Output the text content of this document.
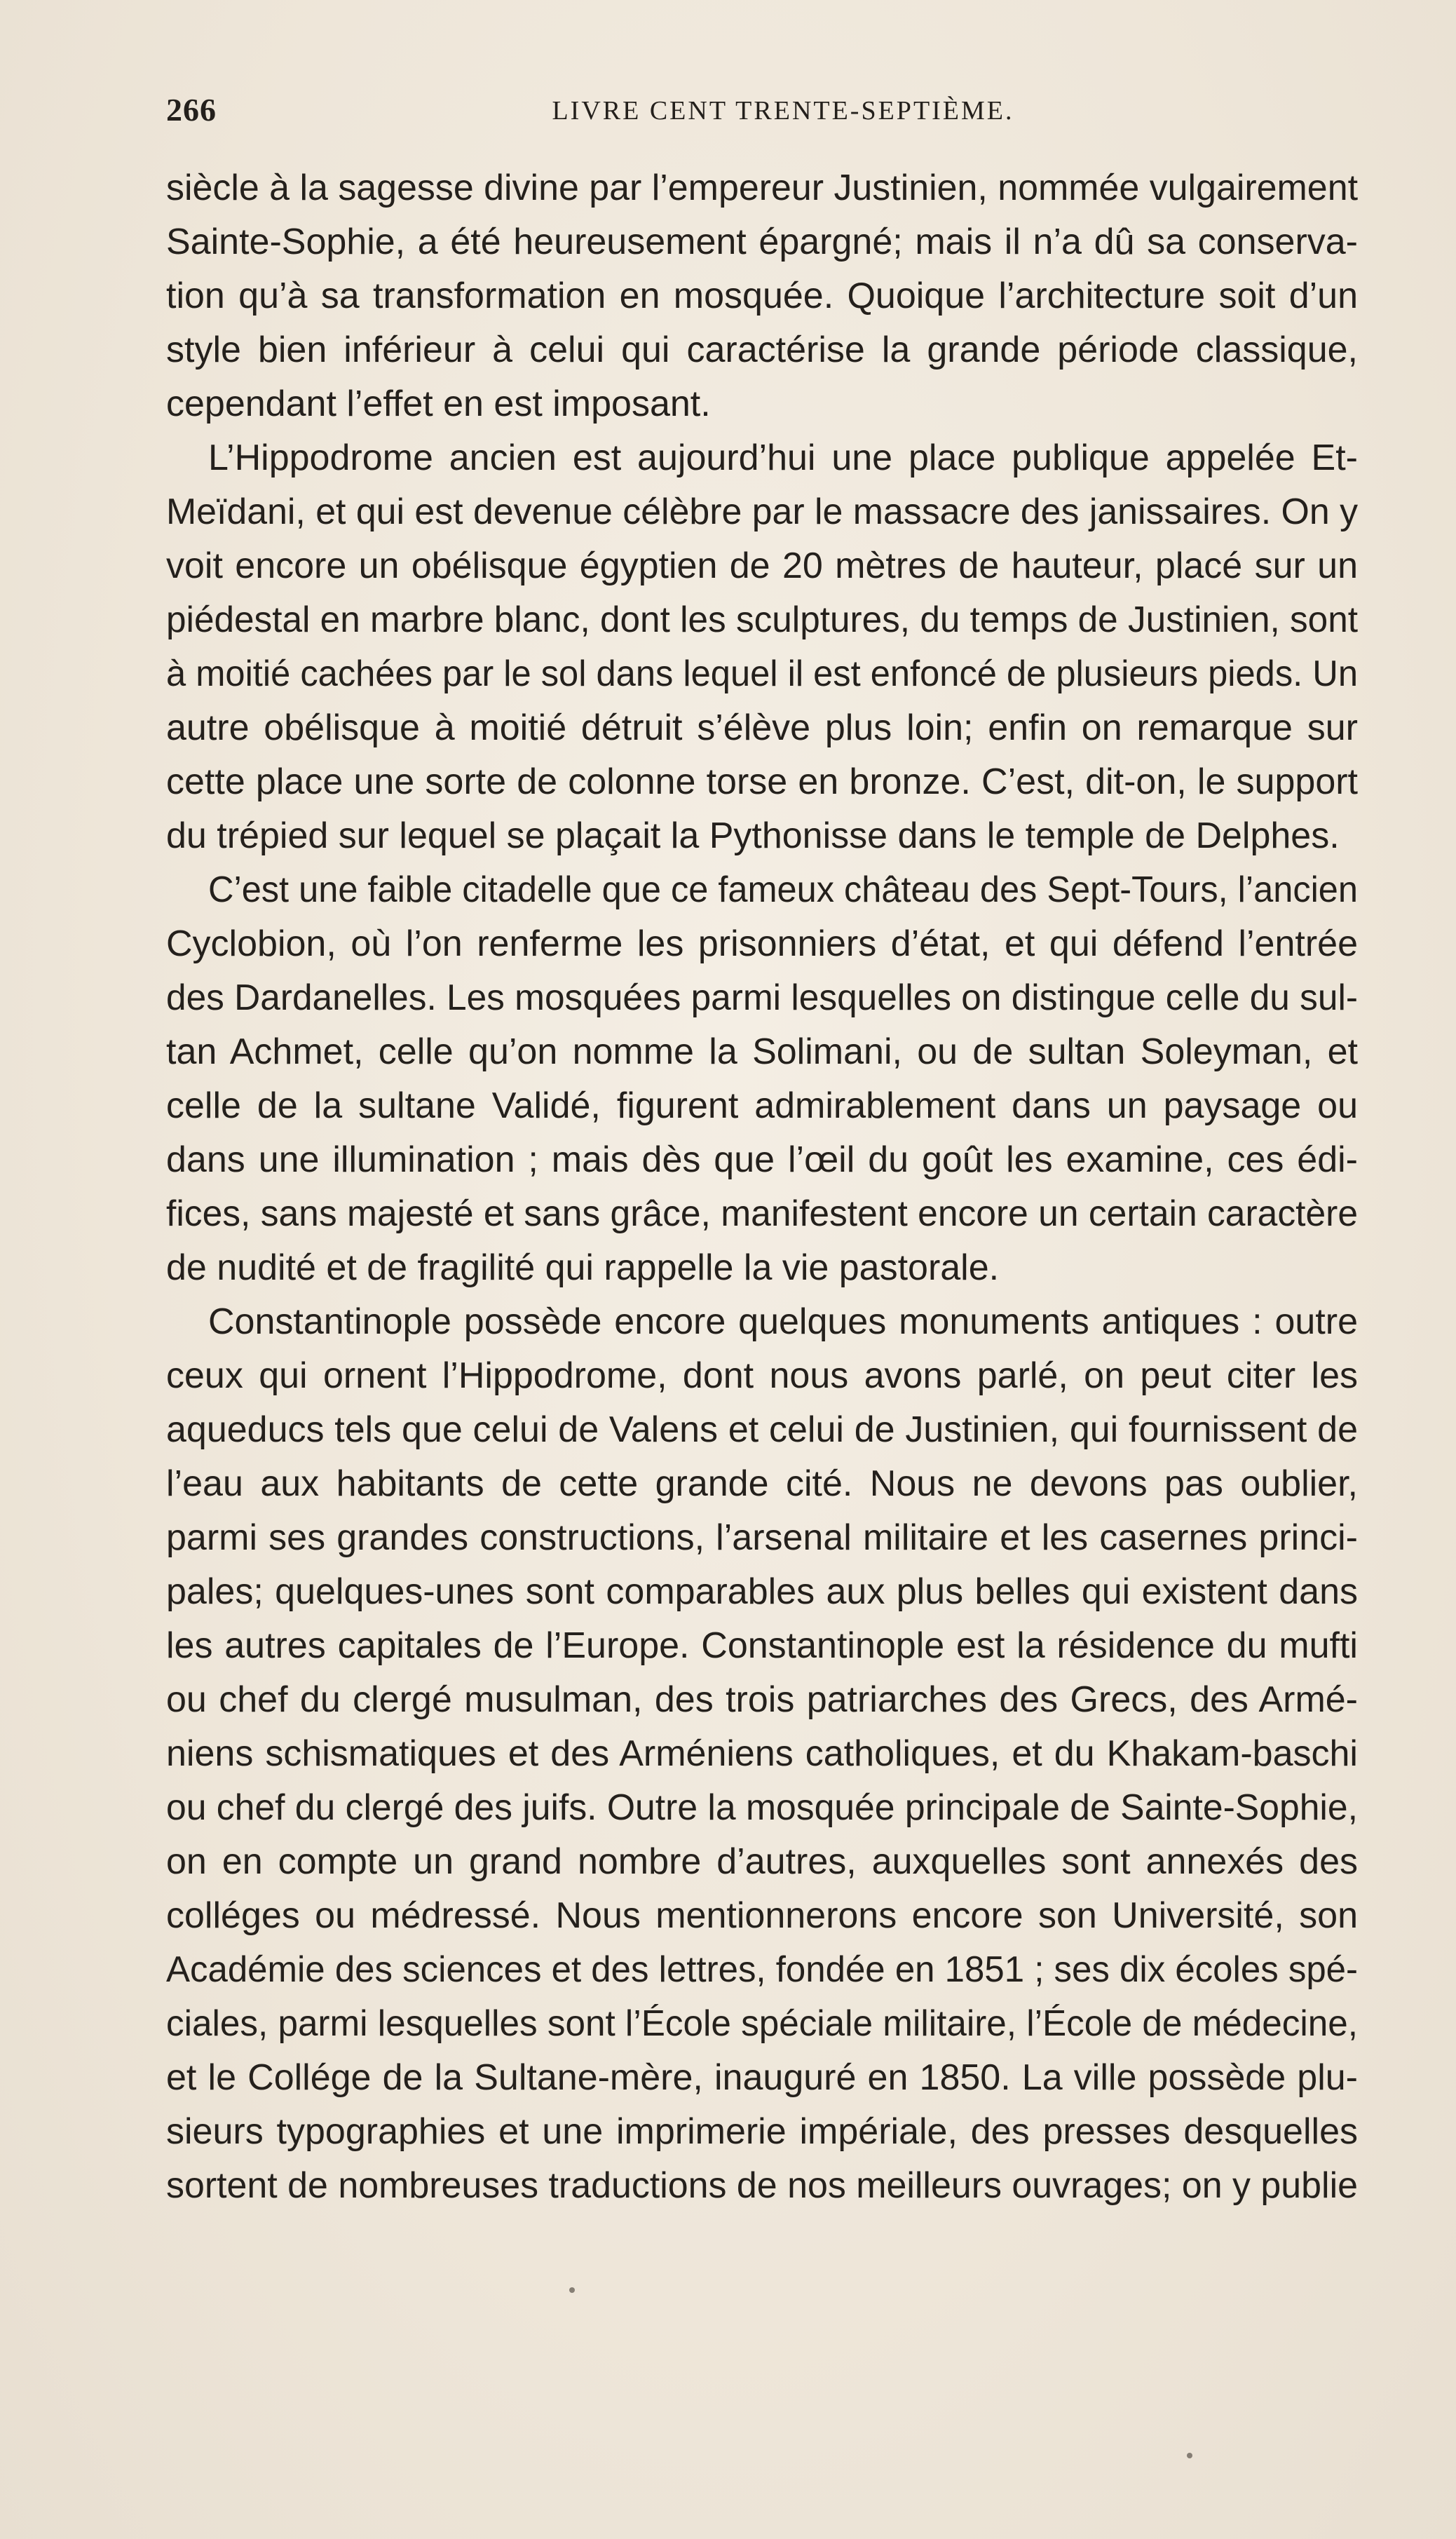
266	LIVRE CENT TRENTE-SEPTIÈME.
siècle à la sagesse divine par l’empereur Justinien, nommée vulgairement
Sainte-Sophie, a été heureusement épargné; mais il n’a dû sa conserva-
tion qu’à sa transformation en mosquée. Quoique l’architecture soit d’un
style bien inférieur à celui qui caractérise la grande période classique,
cependant l’effet en est imposant.
L’Hippodrome ancien est aujourd’hui une place publique appelée Et-
Meïdani, et qui est devenue célèbre par le massacre des janissaires. On y
voit encore un obélisque égyptien de 20 mètres de hauteur, placé sur un
piédestal en marbre blanc, dont les sculptures, du temps de Justinien, sont
à moitié cachées par le sol dans lequel il est enfoncé de plusieurs pieds. Un
autre obélisque à moitié détruit s’élève plus loin; enfin on remarque sur
cette place une sorte de colonne torse en bronze. C’est, dit-on, le support
du trépied sur lequel se plaçait la Pythonisse dans le temple de Delphes.
C’est une faible citadelle que ce fameux château des Sept-Tours, l’ancien
Cyclobion, où l’on renferme les prisonniers d’état, et qui défend l’entrée
des Dardanelles. Les mosquées parmi lesquelles on distingue celle du sul-
tan Achmet, celle qu’on nomme la Solimani, ou de sultan Soleyman, et
celle de la sultane Validé, figurent admirablement dans un paysage ou
dans une illumination ; mais dès que l’œil du goût les examine, ces édi-
fices, sans majesté et sans grâce, manifestent encore un certain caractère
de nudité et de fragilité qui rappelle la vie pastorale.
Constantinople possède encore quelques monuments antiques : outre
ceux qui ornent l’Hippodrome, dont nous avons parlé, on peut citer les
aqueducs tels que celui de Valens et celui de Justinien, qui fournissent de
l’eau aux habitants de cette grande cité. Nous ne devons pas oublier,
parmi ses grandes constructions, l’arsenal militaire et les casernes princi-
pales; quelques-unes sont comparables aux plus belles qui existent dans
les autres capitales de l’Europe. Constantinople est la résidence du mufti
ou chef du clergé musulman, des trois patriarches des Grecs, des Armé-
niens schismatiques et des Arméniens catholiques, et du Khakam-baschi
ou chef du clergé des juifs. Outre la mosquée principale de Sainte-Sophie,
on en compte un grand nombre d’autres, auxquelles sont annexés des
colléges ou médressé. Nous mentionnerons encore son Université, son
Académie des sciences et des lettres, fondée en 1851 ; ses dix écoles spé-
ciales, parmi lesquelles sont l’École spéciale militaire, l’École de médecine,
et le Collége de la Sultane-mère, inauguré en 1850. La ville possède plu-
sieurs typographies et une imprimerie impériale, des presses desquelles
sortent de nombreuses traductions de nos meilleurs ouvrages; on y publie
